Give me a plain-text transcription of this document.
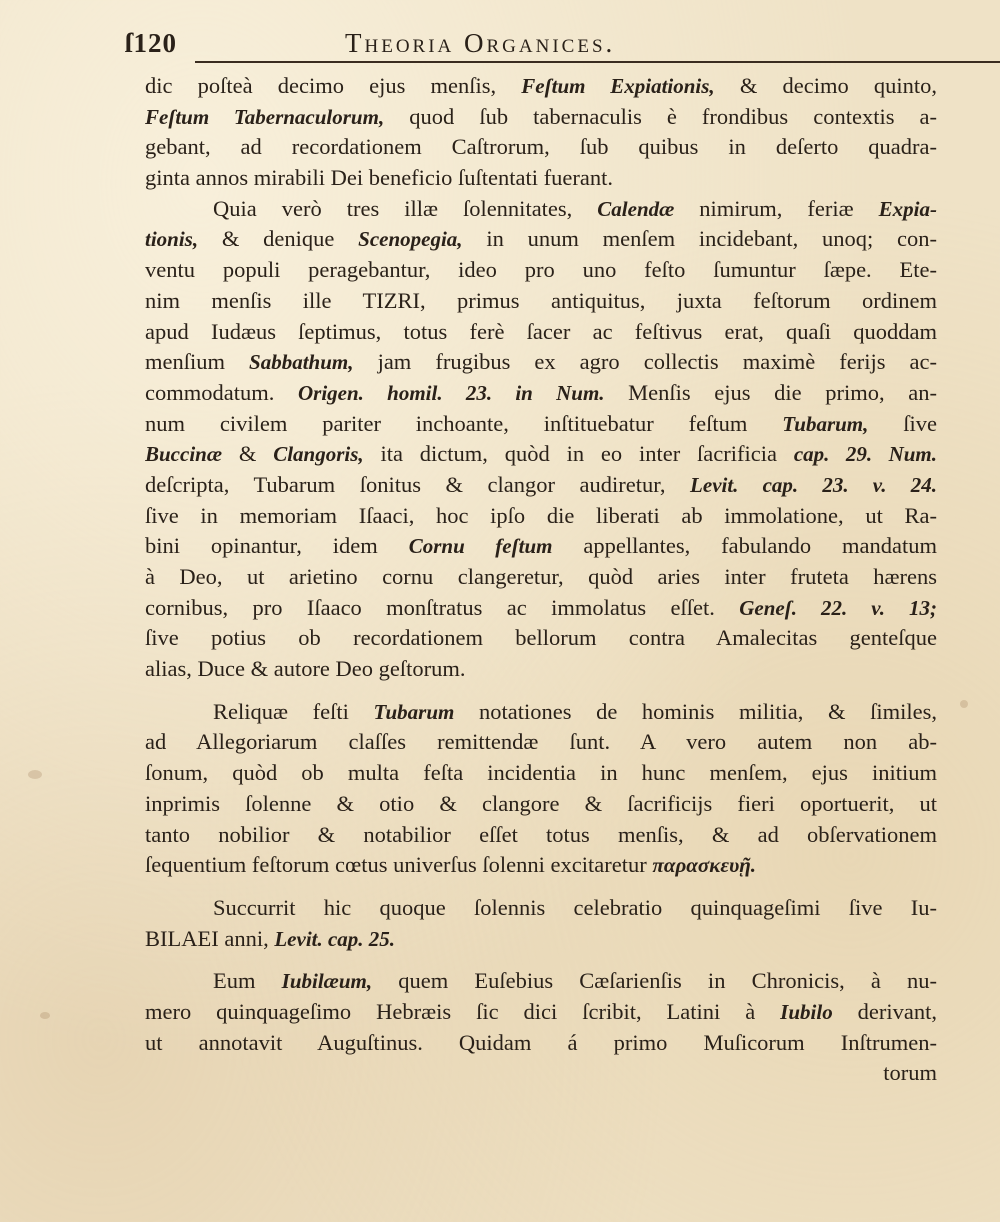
ſ120	Theoria Organices.
dic poſteà decimo ejus menſis, Feſtum Expiationis, & decimo quinto,
Feſtum Tabernaculorum, quod ſub tabernaculis è frondibus contextis a-
gebant, ad recordationem Caſtrorum, ſub quibus in deſerto quadra-
ginta annos mirabili Dei beneficio ſuſtentati fuerant.
Quia verò tres illæ ſolennitates, Calendæ nimirum, feriæ Expia-
tionis, & denique Scenopegia, in unum menſem incidebant, unoq; con-
ventu populi peragebantur, ideo pro uno feſto ſumuntur ſæpe. Ete-
nim menſis ille TIZRI, primus antiquitus, juxta feſtorum ordinem
apud Iudæus ſeptimus, totus ferè ſacer ac feſtivus erat, quaſi quoddam
menſium Sabbathum, jam frugibus ex agro collectis maximè ferijs ac-
commodatum. Origen. homil. 23. in Num. Menſis ejus die primo, an-
num civilem pariter inchoante, inſtituebatur feſtum Tubarum, ſive
Buccinæ & Clangoris, ita dictum, quòd in eo inter ſacrificia cap. 29. Num.
deſcripta, Tubarum ſonitus & clangor audiretur, Levit. cap. 23. v. 24.
ſive in memoriam Iſaaci, hoc ipſo die liberati ab immolatione, ut Ra-
bini opinantur, idem Cornu feſtum appellantes, fabulando mandatum
à Deo, ut arietino cornu clangeretur, quòd aries inter fruteta hærens
cornibus, pro Iſaaco monſtratus ac immolatus eſſet. Geneſ. 22. v. 13;
ſive potius ob recordationem bellorum contra Amalecitas genteſque
alias, Duce & autore Deo geſtorum.
Reliquæ feſti Tubarum notationes de hominis militia, & ſimiles,
ad Allegoriarum claſſes remittendæ ſunt. A vero autem non ab-
ſonum, quòd ob multa feſta incidentia in hunc menſem, ejus initium
inprimis ſolenne & otio & clangore & ſacrificijs fieri oportuerit, ut
tanto nobilior & notabilior eſſet totus menſis, & ad obſervationem
ſequentium feſtorum cœtus univerſus ſolenni excitaretur παρασκευῇ.
Succurrit hic quoque ſolennis celebratio quinquageſimi ſive Iu-
BILAEI anni, Levit. cap. 25.
Eum Iubilæum, quem Euſebius Cæſarienſis in Chronicis, à nu-
mero quinquageſimo Hebræis ſic dici ſcribit, Latini à Iubilo derivant,
ut annotavit Auguſtinus. Quidam á primo Muſicorum Inſtrumen-
torum
